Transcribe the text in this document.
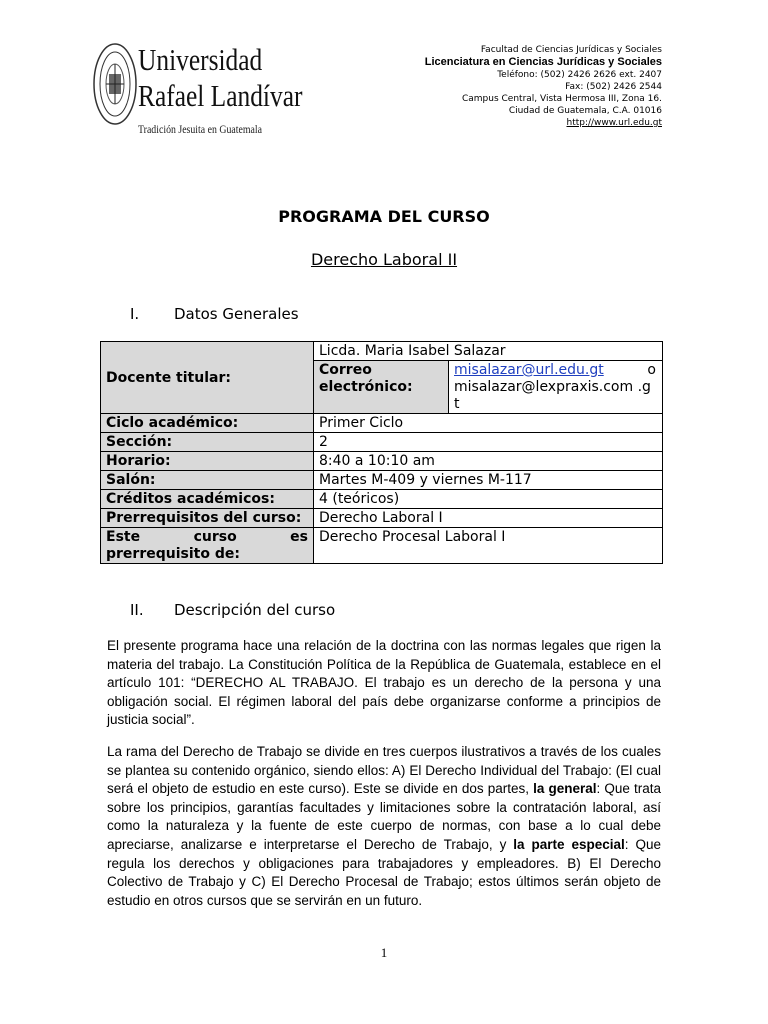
Universidad
Rafael Landívar
Tradición Jesuita en Guatemala
Facultad de Ciencias Jurídicas y Sociales
Licenciatura en Ciencias Jurídicas y Sociales
Teléfono: (502) 2426 2626 ext. 2407
Fax: (502) 2426 2544
Campus Central, Vista Hermosa III, Zona 16.
Ciudad de Guatemala, C.A. 01016
http://www.url.edu.gt
PROGRAMA DEL CURSO
Derecho Laboral II
I. Datos Generales
Docente titular:	Licda. Maria Isabel Salazar	
	Correo electrónico:	misalazar@url.edu.gt o
misalazar@lexpraxis.com .gt

Ciclo académico:	Primer Ciclo	
Sección:	2	
Horario:	8:40 a 10:10 am	
Salón:	Martes M-409 y viernes M-117	
Créditos académicos:	4 (teóricos)	
Prerrequisitos del curso:	Derecho Laboral I	
Este curso es prerrequisito de:	Derecho Procesal Laboral I	
II. Descripción del curso
El presente programa hace una relación de la doctrina con las normas legales que rigen la materia del trabajo. La Constitución Política de la República de Guatemala, establece en el artículo 101: “DERECHO AL TRABAJO. El trabajo es un derecho de la persona y una obligación social. El régimen laboral del país debe organizarse conforme a principios de justicia social”.
La rama del Derecho de Trabajo se divide en tres cuerpos ilustrativos a través de los cuales se plantea su contenido orgánico, siendo ellos: A) El Derecho Individual del Trabajo: (El cual será el objeto de estudio en este curso). Este se divide en dos partes, la general: Que trata sobre los principios, garantías facultades y limitaciones sobre la contratación laboral, así como la naturaleza y la fuente de este cuerpo de normas, con base a lo cual debe apreciarse, analizarse e interpretarse el Derecho de Trabajo, y la parte especial: Que regula los derechos y obligaciones para trabajadores y empleadores. B) El Derecho Colectivo de Trabajo y C) El Derecho Procesal de Trabajo; estos últimos serán objeto de estudio en otros cursos que se servirán en un futuro.
1
